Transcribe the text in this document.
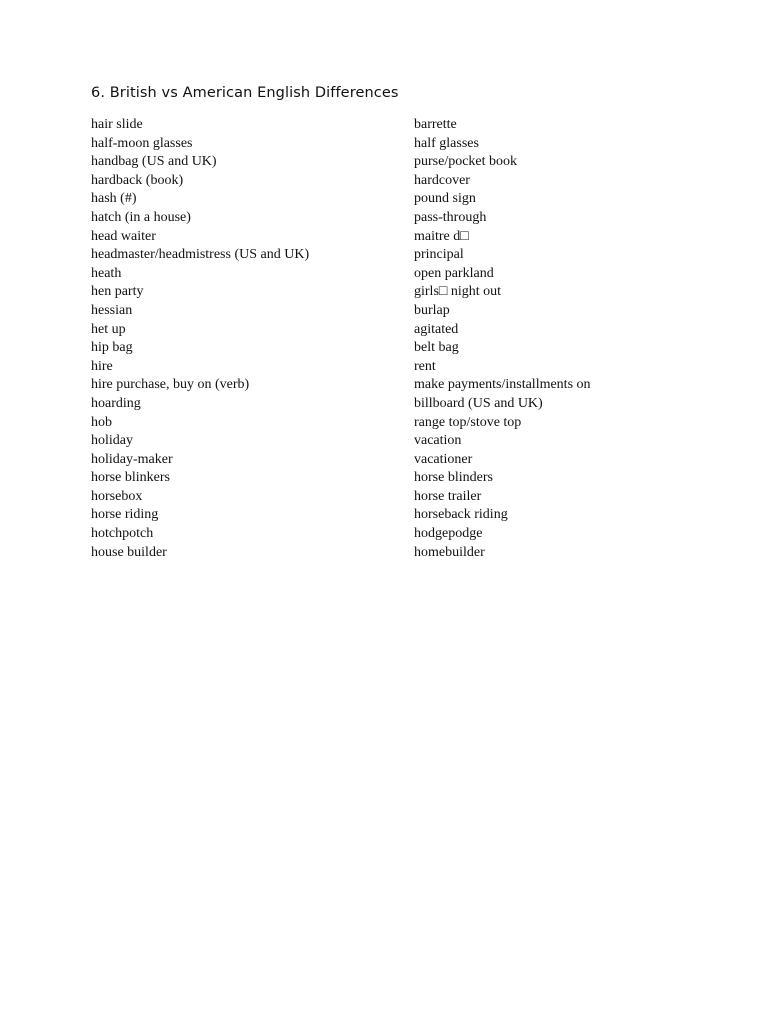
6. British vs American English Differences
hair slide	barrette
half-moon glasses	half glasses
handbag (US and UK)	purse/pocket book
hardback (book)	hardcover
hash (#)	pound sign
hatch (in a house)	pass-through
head waiter	maitre d□
headmaster/headmistress (US and UK)	principal
heath	open parkland
hen party	girls□ night out
hessian	burlap
het up	agitated
hip bag	belt bag
hire	rent
hire purchase, buy on (verb)	make payments/installments on
hoarding	billboard (US and UK)
hob	range top/stove top
holiday	vacation
holiday-maker	vacationer
horse blinkers	horse blinders
horsebox	horse trailer
horse riding	horseback riding
hotchpotch	hodgepodge
house builder	homebuilder
